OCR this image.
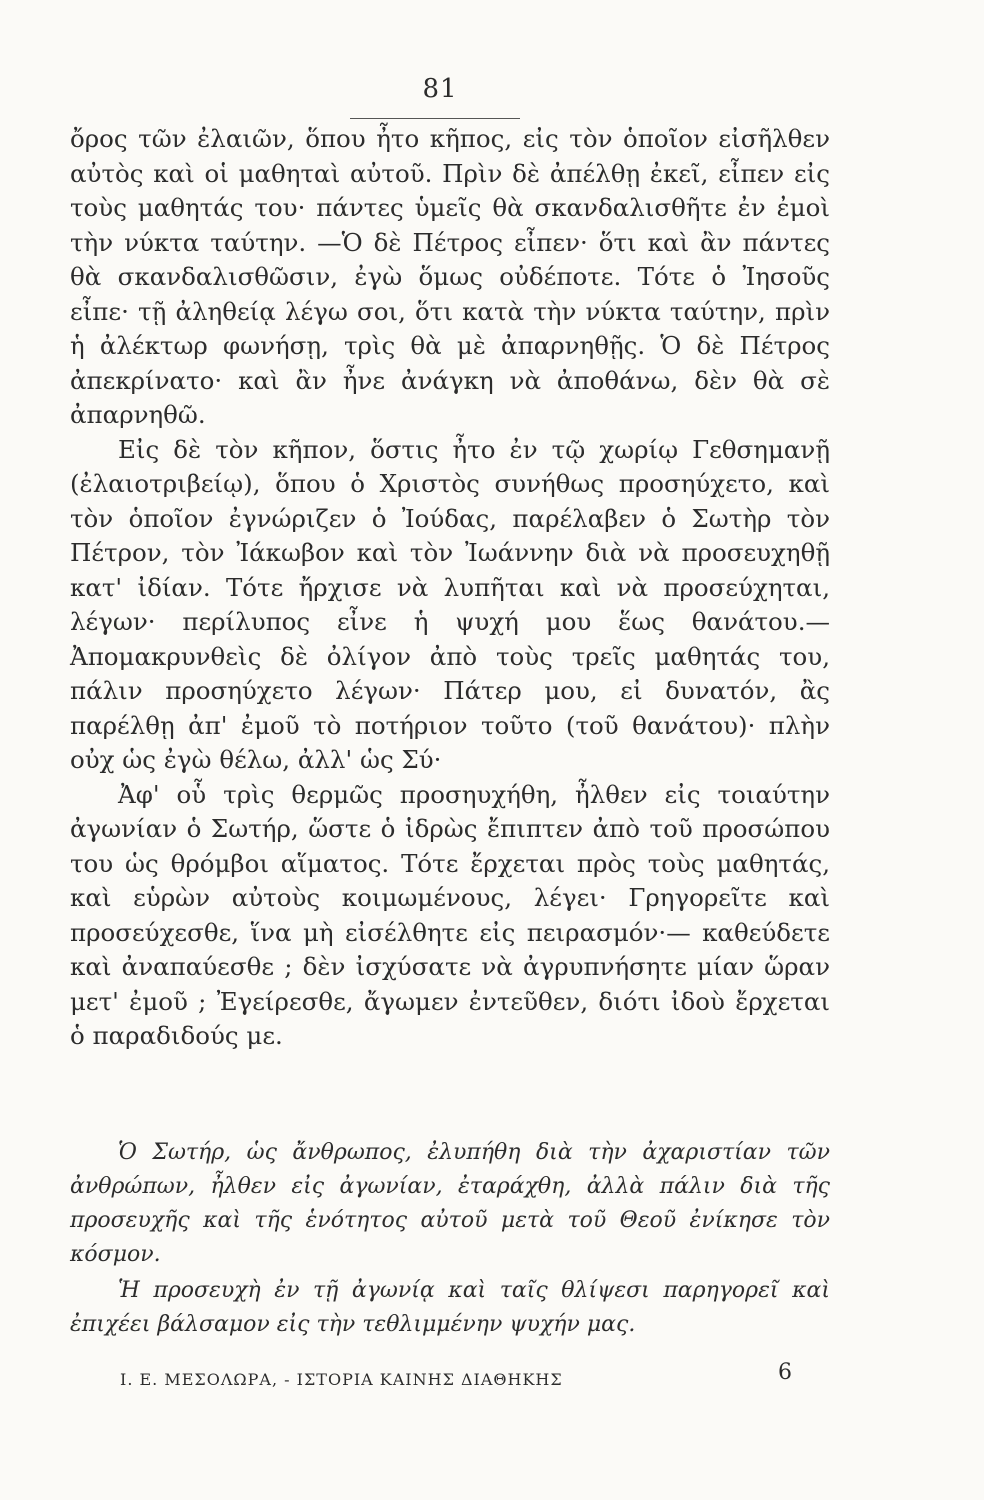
81

ὄρος τῶν ἐλαιῶν, ὅπου ἦτο κῆπος, εἰς τὸν ὁποῖον εἰσῆλθεν αὐτὸς καὶ οἱ μαθηταὶ αὐτοῦ. Πρὶν δὲ ἀπέλθῃ ἐκεῖ, εἶπεν εἰς τοὺς μαθητάς του· πάντες ὑμεῖς θὰ σκανδαλισθῆτε ἐν ἐμοὶ τὴν νύκτα ταύτην. —Ὁ δὲ Πέτρος εἶπεν· ὅτι καὶ ἂν πάντες θὰ σκανδαλισθῶσιν, ἐγὼ ὅμως οὐδέποτε. Τότε ὁ Ἰησοῦς εἶπε· τῇ ἀληθείᾳ λέγω σοι, ὅτι κατὰ τὴν νύκτα ταύτην, πρὶν ἡ ἀλέκτωρ φωνήσῃ, τρὶς θὰ μὲ ἀπαρνηθῇς. Ὁ δὲ Πέτρος ἀπεκρίνατο· καὶ ἂν ἦνε ἀνάγκη νὰ ἀποθάνω, δὲν θὰ σὲ ἀπαρνηθῶ.

Εἰς δὲ τὸν κῆπον, ὅστις ἦτο ἐν τῷ χωρίῳ Γεθσημανῇ (ἐλαιοτριβείῳ), ὅπου ὁ Χριστὸς συνήθως προσηύχετο, καὶ τὸν ὁποῖον ἐγνώριζεν ὁ Ἰούδας, παρέλαβεν ὁ Σωτὴρ τὸν Πέτρον, τὸν Ἰάκωβον καὶ τὸν Ἰωάννην διὰ νὰ προσευχηθῇ κατ' ἰδίαν. Τότε ἤρχισε νὰ λυπῆται καὶ νὰ προσεύχηται, λέγων· περίλυπος εἶνε ἡ ψυχή μου ἕως θανάτου.— Ἀπομακρυνθεὶς δὲ ὀλίγον ἀπὸ τοὺς τρεῖς μαθητάς του, πάλιν προσηύχετο λέγων· Πάτερ μου, εἰ δυνατόν, ἂς παρέλθῃ ἀπ' ἐμοῦ τὸ ποτήριον τοῦτο (τοῦ θανάτου)· πλὴν οὐχ ὡς ἐγὼ θέλω, ἀλλ' ὡς Σύ·

Ἀφ' οὗ τρὶς θερμῶς προσηυχήθη, ἦλθεν εἰς τοιαύτην ἀγωνίαν ὁ Σωτήρ, ὥστε ὁ ἱδρὼς ἔπιπτεν ἀπὸ τοῦ προσώπου του ὡς θρόμβοι αἵματος. Τότε ἔρχεται πρὸς τοὺς μαθητάς, καὶ εὑρὼν αὐτοὺς κοιμωμένους, λέγει· Γρηγορεῖτε καὶ προσεύχεσθε, ἵνα μὴ εἰσέλθητε εἰς πειρασμόν·— καθεύδετε καὶ ἀναπαύεσθε ; δὲν ἰσχύσατε νὰ ἀγρυπνήσητε μίαν ὥραν μετ' ἐμοῦ ; Ἐγείρεσθε, ἄγωμεν ἐντεῦθεν, διότι ἰδοὺ ἔρχεται ὁ παραδιδούς με.

Ὁ Σωτήρ, ὡς ἄνθρωπος, ἐλυπήθη διὰ τὴν ἀχαριστίαν τῶν ἀνθρώπων, ἦλθεν εἰς ἀγωνίαν, ἐταράχθη, ἀλλὰ πάλιν διὰ τῆς προσευχῆς καὶ τῆς ἑνότητος αὐτοῦ μετὰ τοῦ Θεοῦ ἐνίκησε τὸν κόσμον.

Ἡ προσευχὴ ἐν τῇ ἀγωνίᾳ καὶ ταῖς θλίψεσι παρηγορεῖ καὶ ἐπιχέει βάλσαμον εἰς τὴν τεθλιμμένην ψυχήν μας.

Ι. Ε. ΜΕΣΟΛΩΡΑ, - ΙΣΤΟΡΙΑ ΚΑΙΝΗΣ ΔΙΑΘΗΚΗΣ	6
